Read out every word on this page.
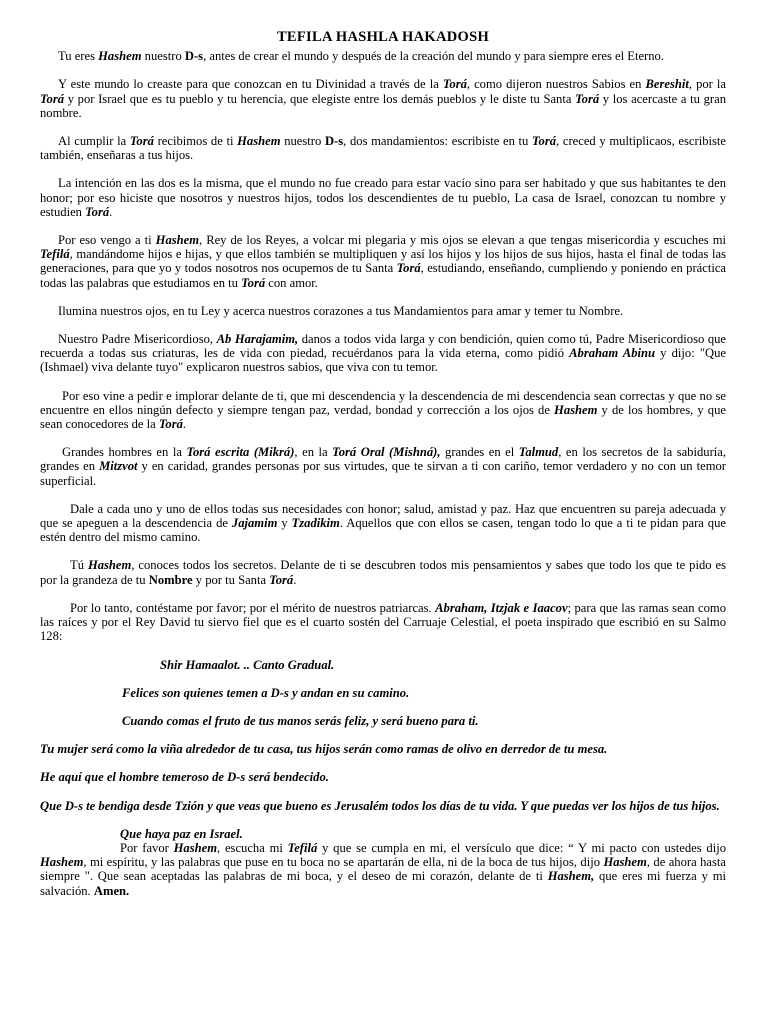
TEFILA HASHLA HAKADOSH

Tu eres Hashem nuestro D-s, antes de crear el mundo y después de la creación del mundo y para siempre eres el Eterno.

Y este mundo lo creaste para que conozcan en tu Divinidad a través de la Torá, como dijeron nuestros Sabios en Bereshit, por la Torá y por Israel que es tu pueblo y tu herencia, que elegiste entre los demás pueblos y le diste tu Santa Torá y los acercaste a tu gran nombre.

Al cumplir la Torá recibimos de ti Hashem nuestro D-s, dos mandamientos: escribiste en tu Torá, creced y multiplicaos, escribiste también, enseñaras a tus hijos.

La intención en las dos es la misma, que el mundo no fue creado para estar vacío sino para ser habitado y que sus habitantes te den honor; por eso hiciste que nosotros y nuestros hijos, todos los descendientes de tu pueblo, La casa de Israel, conozcan tu nombre y estudien Torá.

Por eso vengo a ti Hashem, Rey de los Reyes, a volcar mi plegaria y mis ojos se elevan a que tengas misericordia y escuches mi Tefilá, mandándome hijos e hijas, y que ellos también se multipliquen y así los hijos y los hijos de sus hijos, hasta el final de todas las generaciones, para que yo y todos nosotros nos ocupemos de tu Santa Torá, estudiando, enseñando, cumpliendo y poniendo en práctica todas las palabras que estudiamos en tu Torá con amor.

Ilumina nuestros ojos, en tu Ley y acerca nuestros corazones a tus Mandamientos para amar y temer tu Nombre.

Nuestro Padre Misericordioso, Ab Harajamim, danos a todos vida larga y con bendición, quien como tú, Padre Misericordioso que recuerda a todas sus criaturas, les de vida con piedad, recuérdanos para la vida eterna, como pidió Abraham Abinu y dijo: "Que (Ishmael) viva delante tuyo" explicaron nuestros sabios, que viva con tu temor.

Por eso vine a pedir e implorar delante de ti, que mi descendencia y la descendencia de mi descendencia sean correctas y que no se encuentre en ellos ningún defecto y siempre tengan paz, verdad, bondad y corrección a los ojos de Hashem y de los hombres, y que sean conocedores de la Torá.

Grandes hombres en la Torá escrita (Mikrá), en la Torá Oral (Mishná), grandes en el Talmud, en los secretos de la sabiduría, grandes en Mitzvot y en caridad, grandes personas por sus virtudes, que te sirvan a ti con cariño, temor verdadero y no con un temor superficial.

Dale a cada uno y uno de ellos todas sus necesidades con honor; salud, amistad y paz. Haz que encuentren su pareja adecuada y que se apeguen a la descendencia de Jajamim y Tzadikim. Aquellos que con ellos se casen, tengan todo lo que a ti te pidan para que estén dentro del mismo camino.

Tú Hashem, conoces todos los secretos. Delante de ti se descubren todos mis pensamientos y sabes que todo los que te pido es por la grandeza de tu Nombre y por tu Santa Torá.

Por lo tanto, contéstame por favor; por el mérito de nuestros patriarcas. Abraham, Itzjak e Iaacov; para que las ramas sean como las raíces y por el Rey David tu siervo fiel que es el cuarto sostén del Carruaje Celestial, el poeta inspirado que escribió en su Salmo 128:

Shir Hamaalot. .. Canto Gradual.

Felices son quienes temen a D-s y andan en su camino.

Cuando comas el fruto de tus manos serás feliz, y será bueno para ti.

Tu mujer será como la viña alrededor de tu casa, tus hijos serán como ramas de olivo en derredor de tu mesa.

He aquí que el hombre temeroso de D-s será bendecido.

Que D-s te bendiga desde Tzión y que veas que bueno es Jerusalém todos los días de tu vida. Y que puedas ver los hijos de tus hijos.

Que haya paz en Israel.

Por favor Hashem, escucha mi Tefilá y que se cumpla en mi, el versículo que dice: “ Y mi pacto con ustedes dijo Hashem, mi espíritu, y las palabras que puse en tu boca no se apartarán de ella, ni de la boca de tus hijos, dijo Hashem, de ahora hasta siempre ". Que sean aceptadas las palabras de mi boca, y el deseo de mi corazón, delante de ti Hashem, que eres mi fuerza y mi salvación. Amen.
